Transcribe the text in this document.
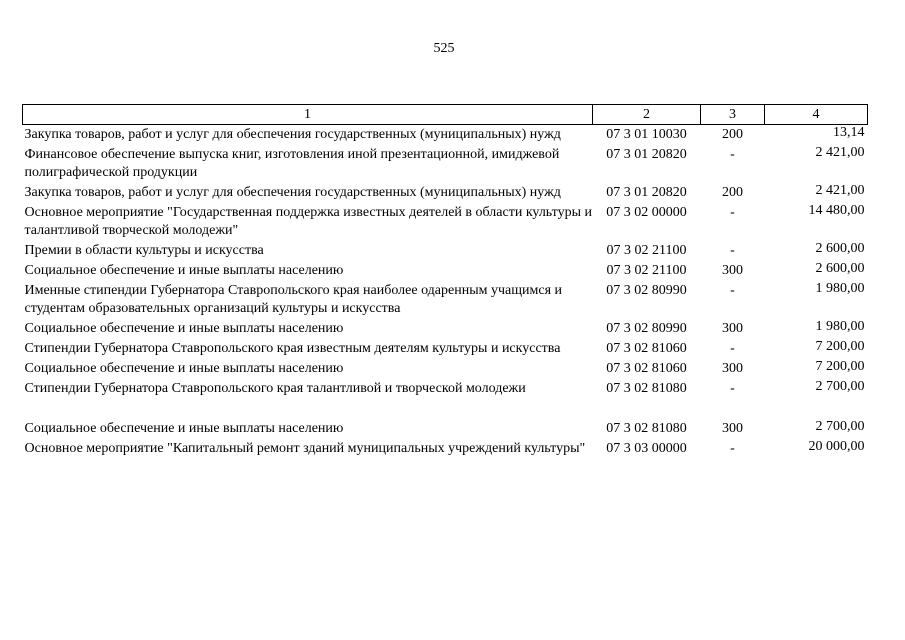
525
1	2	3	4
Закупка товаров, работ и услуг для обеспечения государственных (муниципальных) нужд	07 3 01 10030	200	13,14
Финансовое обеспечение выпуска книг, изготовления иной презентационной, имиджевой полиграфической продукции	07 3 01 20820	-	2 421,00
Закупка товаров, работ и услуг для обеспечения государственных (муниципальных) нужд	07 3 01 20820	200	2 421,00
Основное мероприятие "Государственная поддержка известных деятелей в области культуры и талантливой творческой молодежи"	07 3 02 00000	-	14 480,00
Премии в области культуры и искусства	07 3 02 21100	-	2 600,00
Социальное обеспечение и иные выплаты населению	07 3 02 21100	300	2 600,00
Именные стипендии Губернатора Ставропольского края наиболее одаренным учащимся и студентам образовательных организаций культуры и искусства	07 3 02 80990	-	1 980,00
Социальное обеспечение и иные выплаты населению	07 3 02 80990	300	1 980,00
Стипендии Губернатора Ставропольского края известным деятелям культуры и искусства	07 3 02 81060	-	7 200,00
Социальное обеспечение и иные выплаты населению	07 3 02 81060	300	7 200,00
Стипендии Губернатора Ставропольского края талантливой и творческой молодежи	07 3 02 81080	-	2 700,00
Социальное обеспечение и иные выплаты населению	07 3 02 81080	300	2 700,00
Основное мероприятие "Капитальный ремонт зданий муниципальных учреждений культуры"	07 3 03 00000	-	20 000,00
